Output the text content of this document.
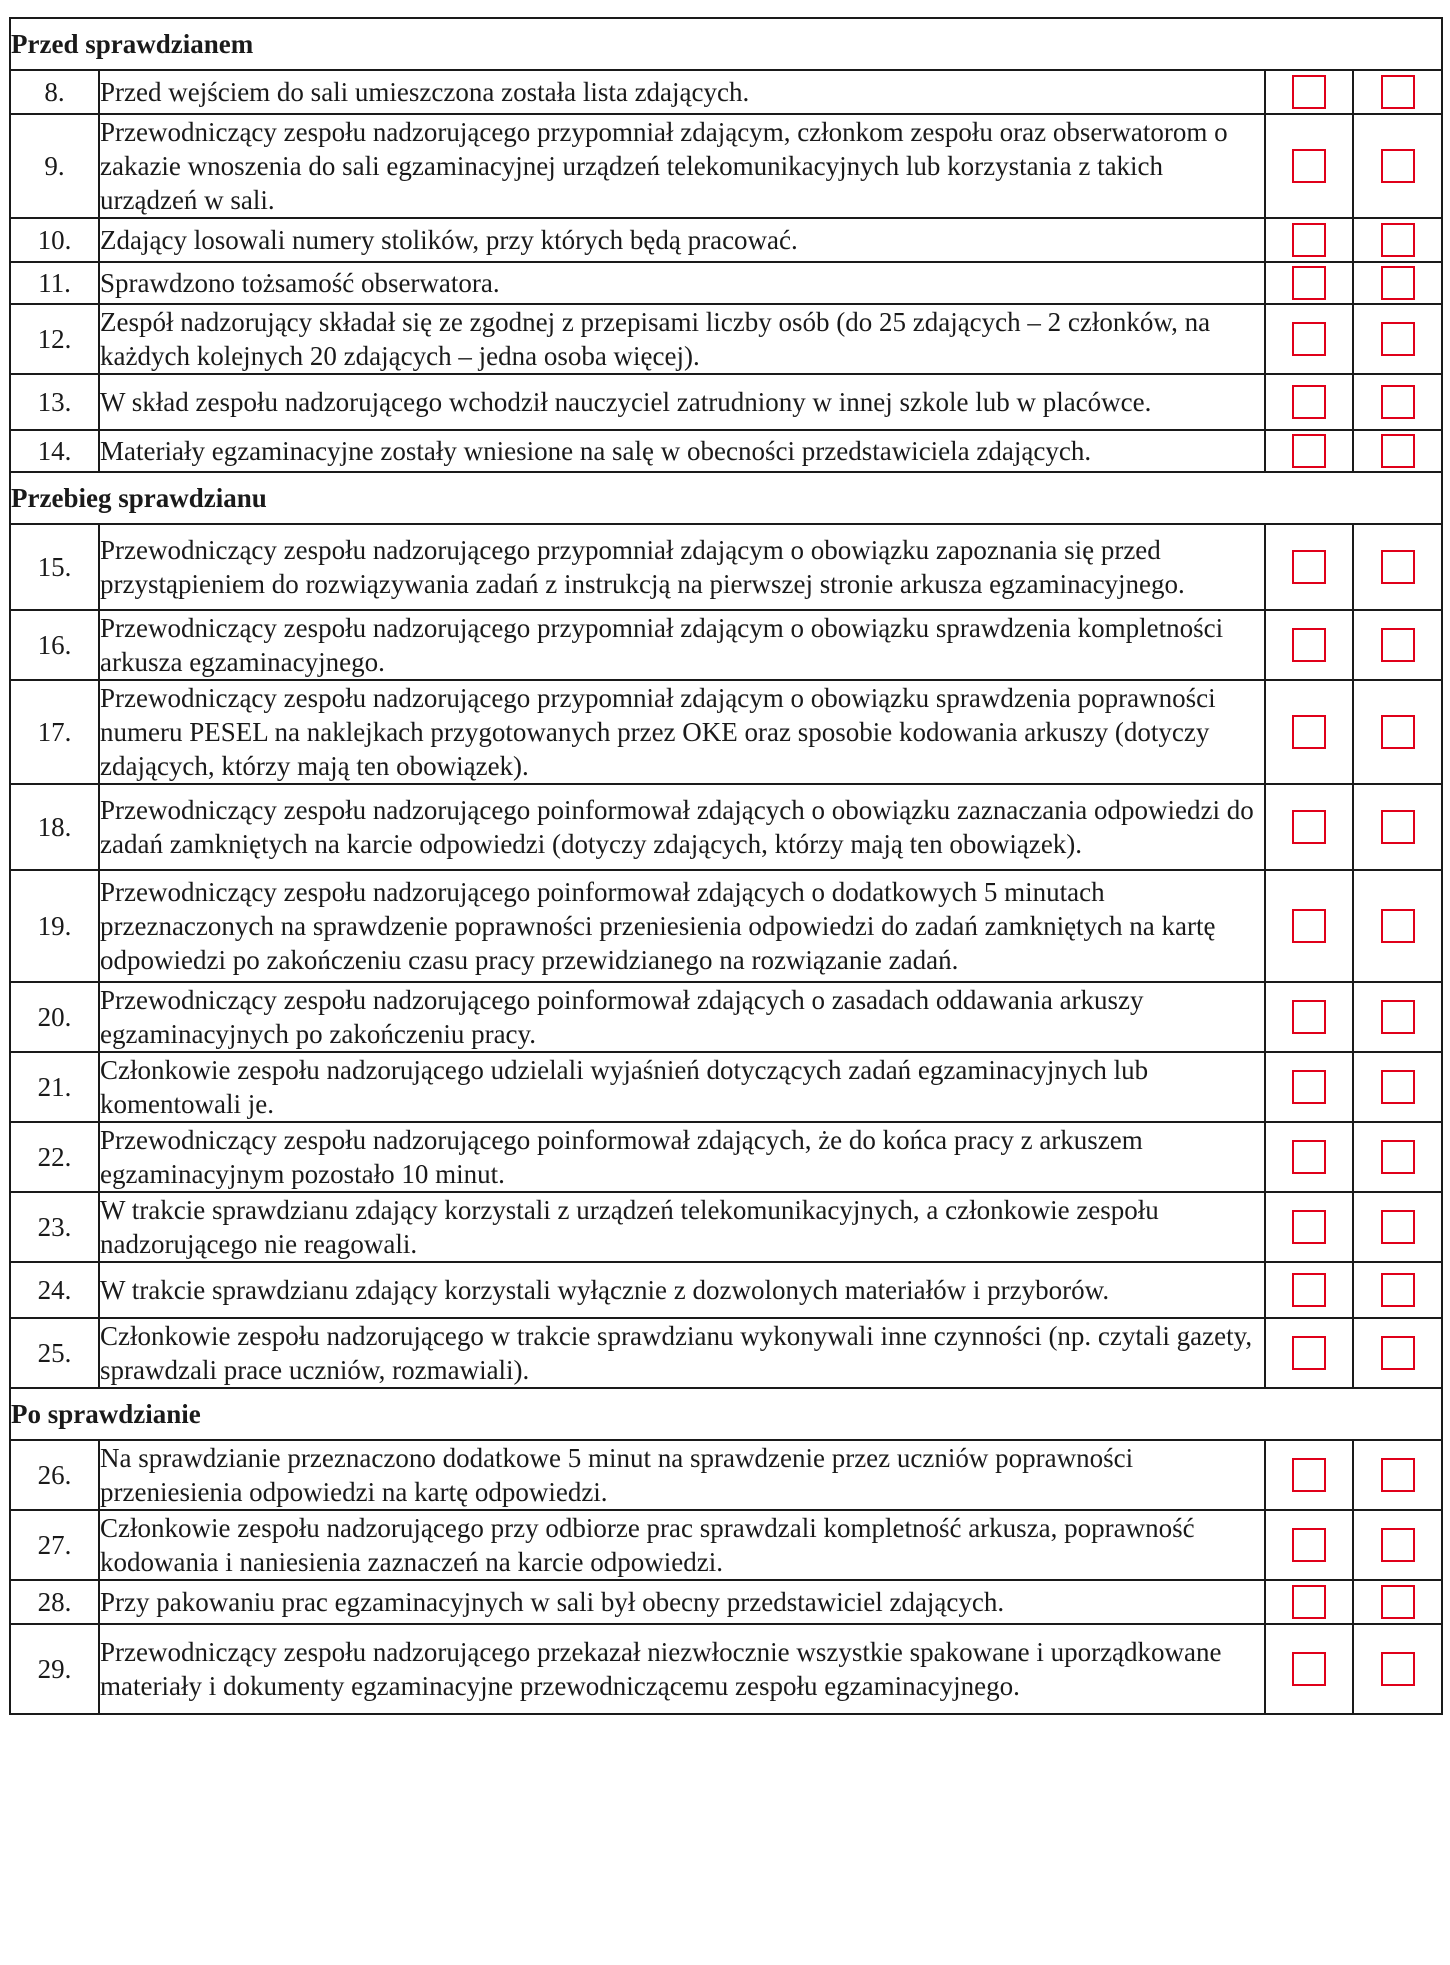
Przed sprawdzianem			
8.	Przed wejściem do sali umieszczona została lista zdających.		
9.	Przewodniczący zespołu nadzorującego przypomniał zdającym, członkom zespołu oraz obserwatorom o zakazie wnoszenia do sali egzaminacyjnej urządzeń telekomunikacyjnych lub korzystania z takich urządzeń w sali.		
10.	Zdający losowali numery stolików, przy których będą pracować.		
11.	Sprawdzono tożsamość obserwatora.		
12.	Zespół nadzorujący składał się ze zgodnej z przepisami liczby osób (do 25 zdających – 2 członków, na każdych kolejnych 20 zdających – jedna osoba więcej).		
13.	W skład zespołu nadzorującego wchodził nauczyciel zatrudniony w innej szkole lub w placówce.		
14.	Materiały egzaminacyjne zostały wniesione na salę w obecności przedstawiciela zdających.		
Przebieg sprawdzianu			
15.	Przewodniczący zespołu nadzorującego przypomniał zdającym o obowiązku zapoznania się przed przystąpieniem do rozwiązywania zadań z instrukcją na pierwszej stronie arkusza egzaminacyjnego.		
16.	Przewodniczący zespołu nadzorującego przypomniał zdającym o obowiązku sprawdzenia kompletności arkusza egzaminacyjnego.		
17.	Przewodniczący zespołu nadzorującego przypomniał zdającym o obowiązku sprawdzenia poprawności numeru PESEL na naklejkach przygotowanych przez OKE oraz sposobie kodowania arkuszy (dotyczy zdających, którzy mają ten obowiązek).		
18.	Przewodniczący zespołu nadzorującego poinformował zdających o obowiązku zaznaczania odpowiedzi do zadań zamkniętych na karcie odpowiedzi (dotyczy zdających, którzy mają ten obowiązek).		
19.	Przewodniczący zespołu nadzorującego poinformował zdających o dodatkowych 5 minutach przeznaczonych na sprawdzenie poprawności przeniesienia odpowiedzi do zadań zamkniętych na kartę odpowiedzi po zakończeniu czasu pracy przewidzianego na rozwiązanie zadań.		
20.	Przewodniczący zespołu nadzorującego poinformował zdających o zasadach oddawania arkuszy egzaminacyjnych po zakończeniu pracy.		
21.	Członkowie zespołu nadzorującego udzielali wyjaśnień dotyczących zadań egzaminacyjnych lub komentowali je.		
22.	Przewodniczący zespołu nadzorującego poinformował zdających, że do końca pracy z arkuszem egzaminacyjnym pozostało 10 minut.		
23.	W trakcie sprawdzianu zdający korzystali z urządzeń telekomunikacyjnych, a członkowie zespołu nadzorującego nie reagowali.		
24.	W trakcie sprawdzianu zdający korzystali wyłącznie z dozwolonych materiałów i przyborów.		
25.	Członkowie zespołu nadzorującego w trakcie sprawdzianu wykonywali inne czynności (np. czytali gazety, sprawdzali prace uczniów, rozmawiali).		
Po sprawdzianie			
26.	Na sprawdzianie przeznaczono dodatkowe 5 minut na sprawdzenie przez uczniów poprawności przeniesienia odpowiedzi na kartę odpowiedzi.		
27.	Członkowie zespołu nadzorującego przy odbiorze prac sprawdzali kompletność arkusza, poprawność kodowania i naniesienia zaznaczeń na karcie odpowiedzi.		
28.	Przy pakowaniu prac egzaminacyjnych w sali był obecny przedstawiciel zdających.		
29.	Przewodniczący zespołu nadzorującego przekazał niezwłocznie wszystkie spakowane i uporządkowane materiały i dokumenty egzaminacyjne przewodniczącemu zespołu egzaminacyjnego.		
